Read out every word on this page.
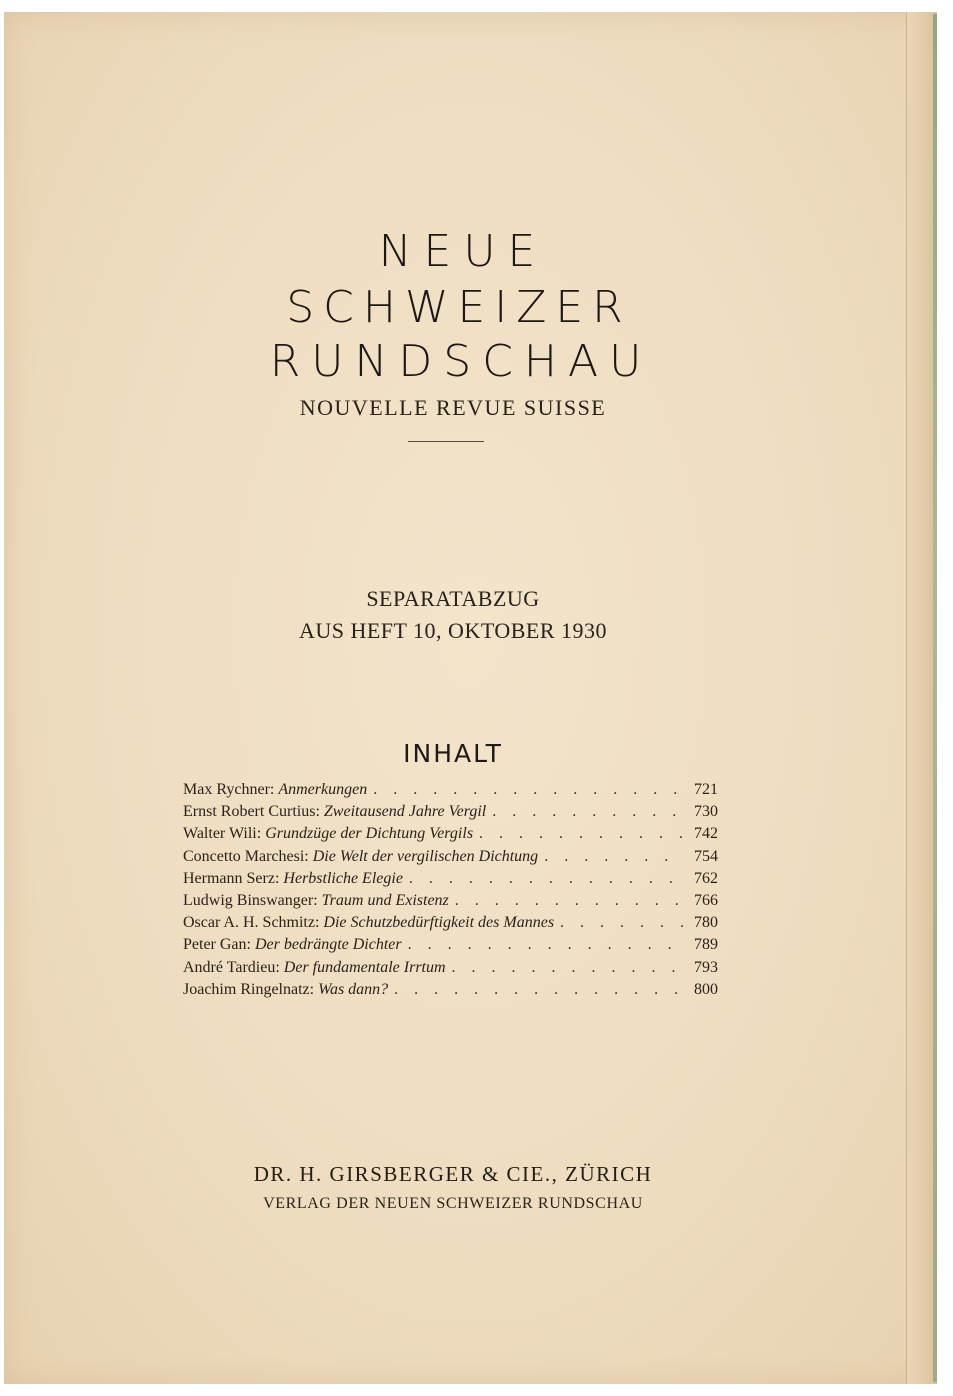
NEUE
SCHWEIZER
RUNDSCHAU
NOUVELLE REVUE SUISSE
SEPARATABZUG
AUS HEFT 10, OKTOBER 1930
INHALT
Max Rychner: Anmerkungen . . .	721
Ernst Robert Curtius: Zweitausend Jahre Vergil . . .	730
Walter Wili: Grundzüge der Dichtung Vergils . . .	742
Concetto Marchesi: Die Welt der vergilischen Dichtung . . .	754
Hermann Serz: Herbstliche Elegie . . .	762
Ludwig Binswanger: Traum und Existenz . . .	766
Oscar A. H. Schmitz: Die Schutzbedürftigkeit des Mannes . . .	780
Peter Gan: Der bedrängte Dichter . . .	789
André Tardieu: Der fundamentale Irrtum . . .	793
Joachim Ringelnatz: Was dann? . . .	800
DR. H. GIRSBERGER & CIE., ZÜRICH
VERLAG DER NEUEN SCHWEIZER RUNDSCHAU
